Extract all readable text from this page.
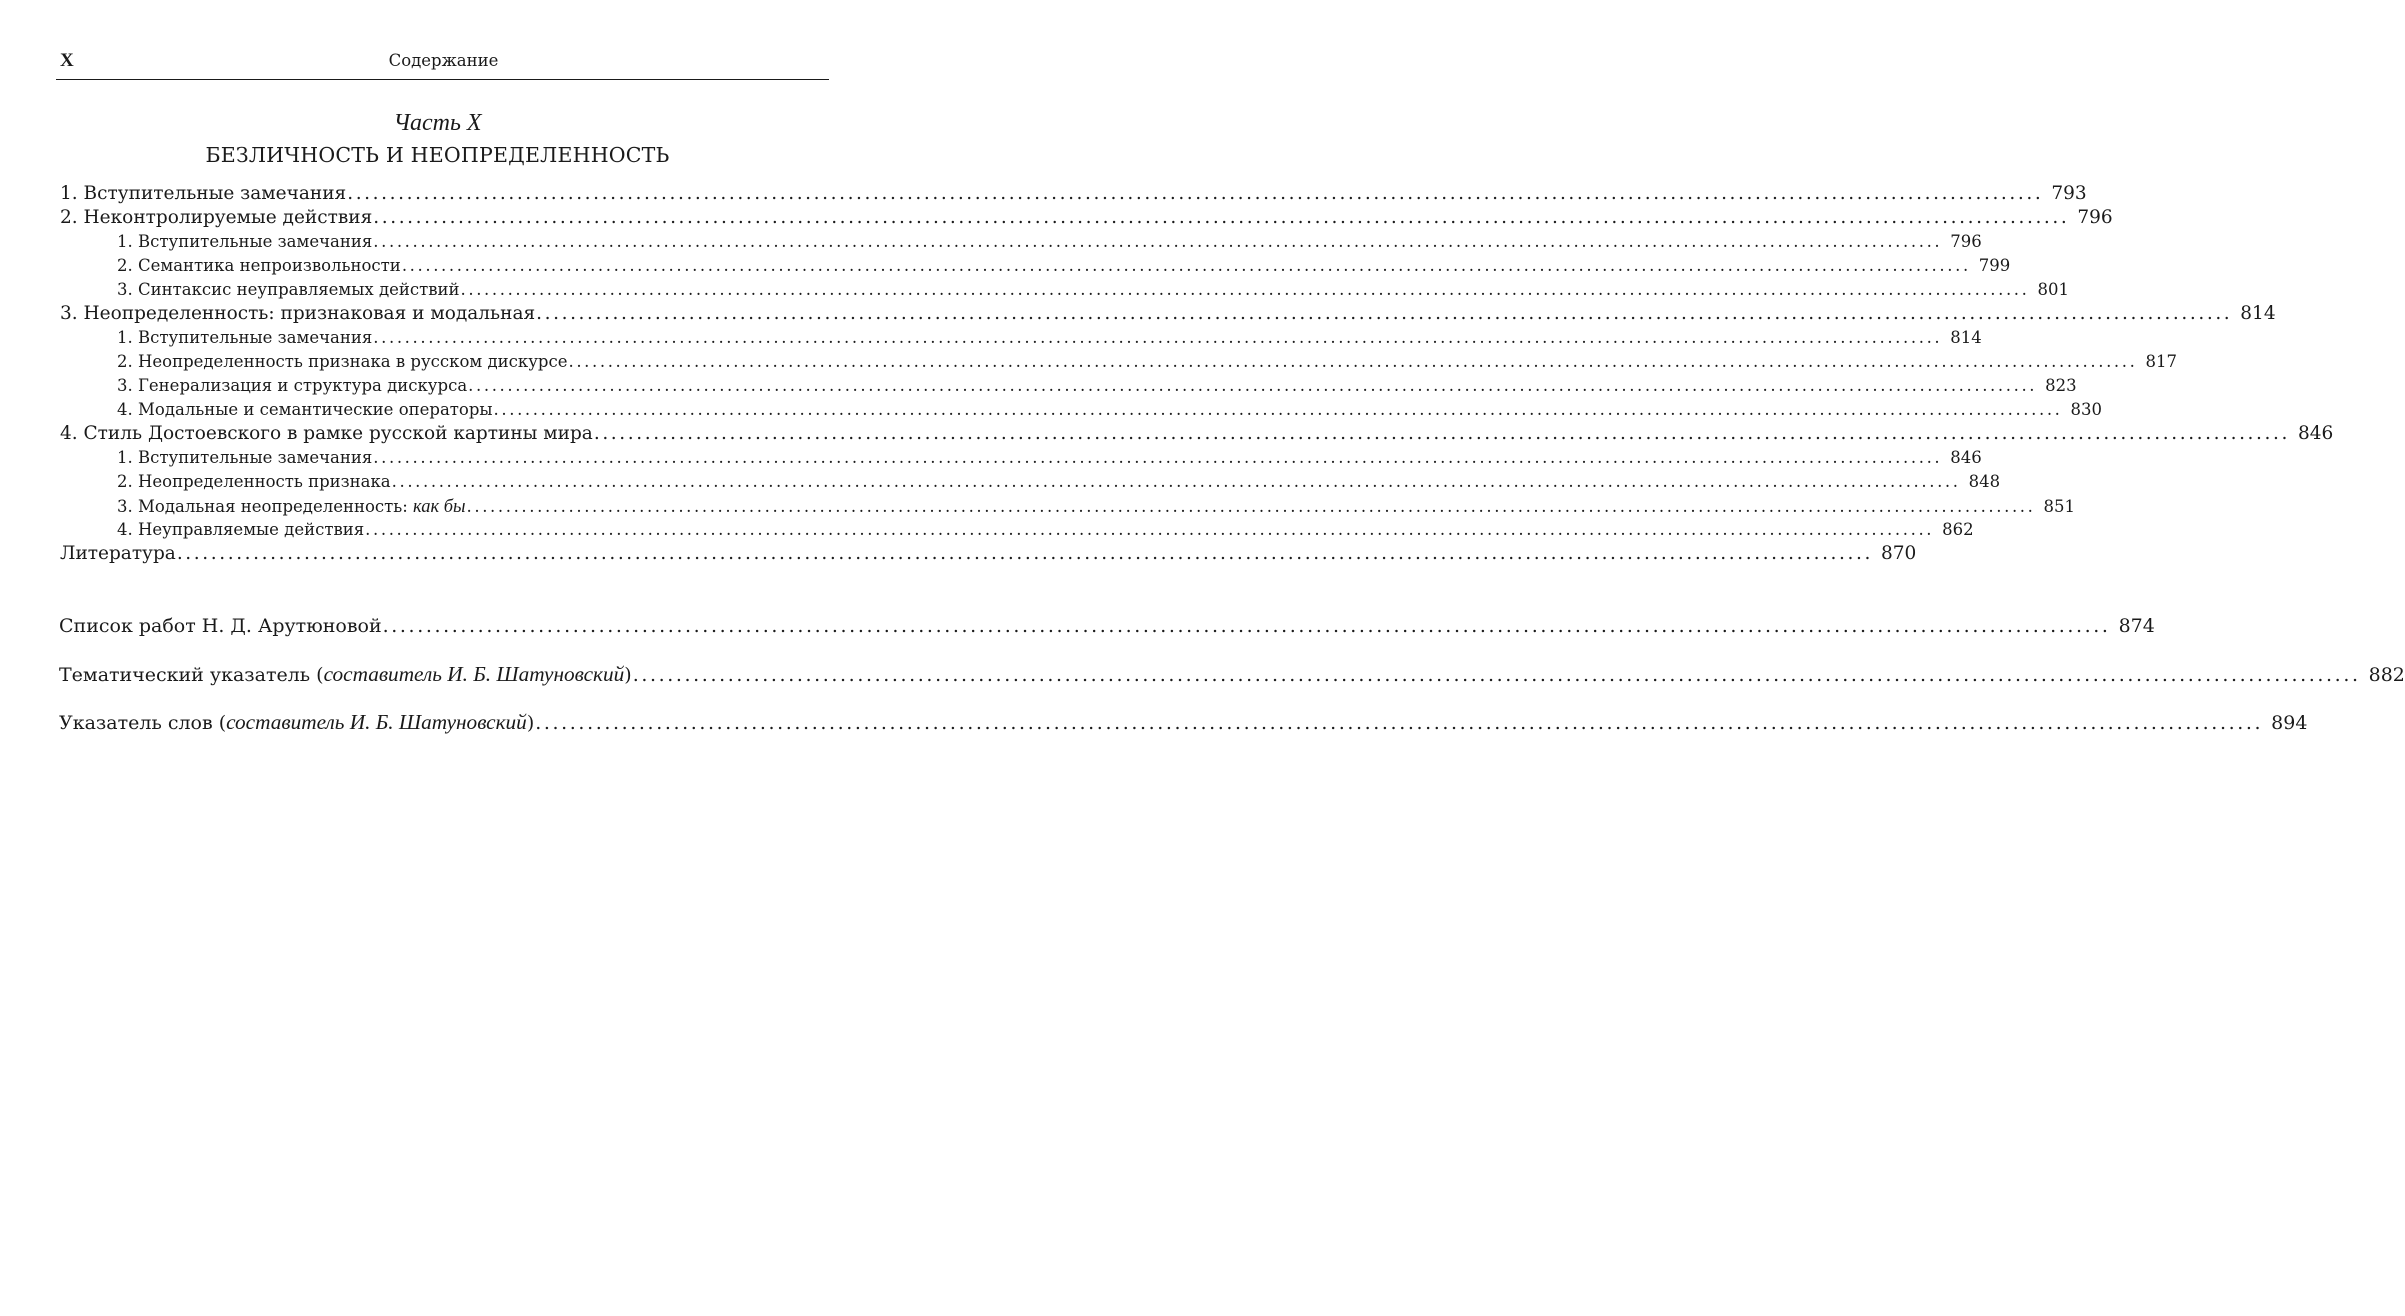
X	Содержание
Часть X
БЕЗЛИЧНОСТЬ И НЕОПРЕДЕЛЕННОСТЬ
1. Вступительные замечания ........................................................................................................................................................................................................ 793
2. Неконтролируемые действия ........................................................................................................................................................................................................ 796
1. Вступительные замечания ........................................................................................................................................................................................................ 796
2. Семантика непроизвольности ........................................................................................................................................................................................................ 799
3. Синтаксис неуправляемых действий ........................................................................................................................................................................................................ 801
3. Неопределенность: признаковая и модальная ........................................................................................................................................................................................................ 814
1. Вступительные замечания ........................................................................................................................................................................................................ 814
2. Неопределенность признака в русском дискурсе ........................................................................................................................................................................................................ 817
3. Генерализация и структура дискурса ........................................................................................................................................................................................................ 823
4. Модальные и семантические операторы ........................................................................................................................................................................................................ 830
4. Стиль Достоевского в рамке русской картины мира ........................................................................................................................................................................................................ 846
1. Вступительные замечания ........................................................................................................................................................................................................ 846
2. Неопределенность признака ........................................................................................................................................................................................................ 848
3. Модальная неопределенность: как бы ........................................................................................................................................................................................................ 851
4. Неуправляемые действия ........................................................................................................................................................................................................ 862
Литература ........................................................................................................................................................................................................ 870
Список работ Н. Д. Арутюновой ........................................................................................................................................................................................................ 874
Тематический указатель (составитель И. Б. Шатуновский) ........................................................................................................................................................................................................ 882
Указатель слов (составитель И. Б. Шатуновский) ........................................................................................................................................................................................................ 894
